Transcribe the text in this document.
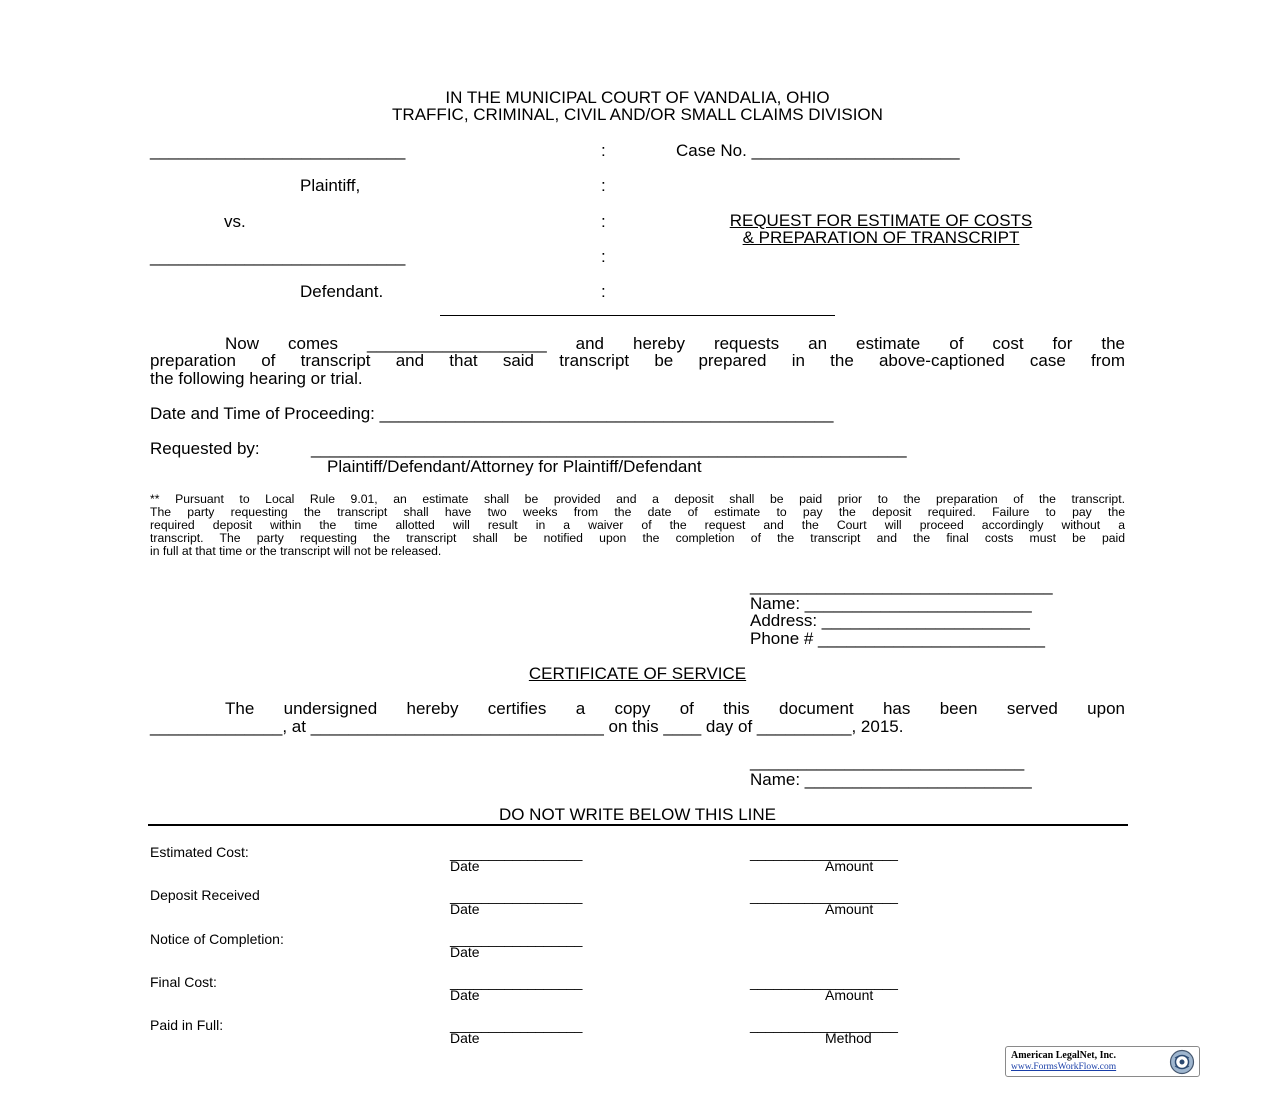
IN THE MUNICIPAL COURT OF VANDALIA, OHIO
TRAFFIC, CRIMINAL, CIVIL AND/OR SMALL CLAIMS DIVISION
___________________________
Plaintiff,
vs.
___________________________
Defendant.
:
:
:
:
:
Case No. ______________________
REQUEST FOR ESTIMATE OF COSTS
& PREPARATION OF TRANSCRIPT
Now comes ___________________ and hereby requests an estimate of cost for the
preparation of transcript and that said transcript be prepared in the above-captioned case from
the following hearing or trial.
Date and Time of Proceeding: ________________________________________________
Requested by:	_______________________________________________________________
Plaintiff/Defendant/Attorney for Plaintiff/Defendant
** Pursuant to Local Rule 9.01, an estimate shall be provided and a deposit shall be paid prior to the preparation of the transcript.
The party requesting the transcript shall have two weeks from the date of estimate to pay the deposit required. Failure to pay the
required deposit within the time allotted will result in a waiver of the request and the Court will proceed accordingly without a
transcript. The party requesting the transcript shall be notified upon the completion of the transcript and the final costs must be paid
in full at that time or the transcript will not be released.
________________________________
Name: ________________________
Address: ______________________
Phone # ________________________
CERTIFICATE OF SERVICE
The undersigned hereby certifies a copy of this document has been served upon
______________, at _______________________________ on this ____ day of __________, 2015.
_____________________________
Name: ________________________
DO NOT WRITE BELOW THIS LINE
Estimated Cost:	_________________
Date
___________________
Amount
Deposit Received	_________________
Date
___________________
Amount
Notice of Completion:	_________________
Date
Final Cost:	_________________
Date
___________________
Amount
Paid in Full:	_________________
Date
___________________
Method
American LegalNet, Inc.
www.FormsWorkFlow.com
